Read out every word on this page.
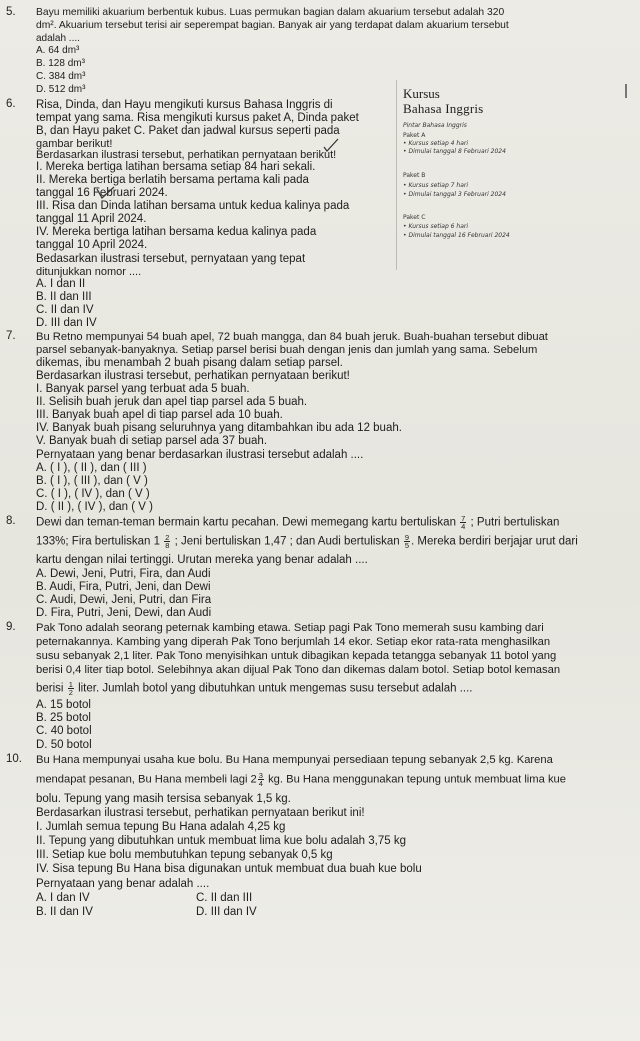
5. Bayu memiliki akuarium berbentuk kubus. Luas permukan bagian dalam akuarium tersebut adalah 320
dm². Akuarium tersebut terisi air seperempat bagian. Banyak air yang terdapat dalam akuarium tersebut
adalah ....
A. 64 dm³
B. 128 dm³
C. 384 dm³
D. 512 dm³
6. Risa, Dinda, dan Hayu mengikuti kursus Bahasa Inggris di
tempat yang sama. Risa mengikuti kursus paket A, Dinda paket
B, dan Hayu paket C. Paket dan jadwal kursus seperti pada
gambar berikut!
Berdasarkan ilustrasi tersebut, perhatikan pernyataan berikut!
I. Mereka bertiga latihan bersama setiap 84 hari sekali.
II. Mereka bertiga berlatih bersama pertama kali pada
tanggal 16 Februari 2024.
III. Risa dan Dinda latihan bersama untuk kedua kalinya pada
tanggal 11 April 2024.
IV. Mereka bertiga latihan bersama kedua kalinya pada
tanggal 10 April 2024.
Bedasarkan ilustrasi tersebut, pernyataan yang tepat
ditunjukkan nomor ....
A. I dan II
B. II dan III
C. II dan IV
D. III dan IV
Kursus
Bahasa Inggris
Pintar Bahasa Inggris
Paket A
• Kursus setiap 4 hari
• Dimulai tanggal 8 Februari 2024
Paket B
• Kursus setiap 7 hari
• Dimulai tanggal 3 Februari 2024
Paket C
• Kursus setiap 6 hari
• Dimulai tanggal 16 Februari 2024
7. Bu Retno mempunyai 54 buah apel, 72 buah mangga, dan 84 buah jeruk. Buah-buahan tersebut dibuat
parsel sebanyak-banyaknya. Setiap parsel berisi buah dengan jenis dan jumlah yang sama. Sebelum
dikemas, ibu menambah 2 buah pisang dalam setiap parsel.
Berdasarkan ilustrasi tersebut, perhatikan pernyataan berikut!
I. Banyak parsel yang terbuat ada 5 buah.
II. Selisih buah jeruk dan apel tiap parsel ada 5 buah.
III. Banyak buah apel di tiap parsel ada 10 buah.
IV. Banyak buah pisang seluruhnya yang ditambahkan ibu ada 12 buah.
V. Banyak buah di setiap parsel ada 37 buah.
Pernyataan yang benar berdasarkan ilustrasi tersebut adalah ....
A. ( I ), ( II ), dan ( III )
B. ( I ), ( III ), dan ( V )
C. ( I ), ( IV ), dan ( V )
D. ( II ), ( IV ), dan ( V )
8. Dewi dan teman-teman bermain kartu pecahan. Dewi memegang kartu bertuliskan $\frac{7}{4}$ ; Putri bertuliskan
133%; Fira bertuliskan $1 \frac{2}{8}$ ; Jeni bertuliskan 1,47 ; dan Audi bertuliskan $\frac{9}{5}$ . Mereka berdiri berjajar urut dari
kartu dengan nilai tertinggi. Urutan mereka yang benar adalah ....
A. Dewi, Jeni, Putri, Fira, dan Audi
B. Audi, Fira, Putri, Jeni, dan Dewi
C. Audi, Dewi, Jeni, Putri, dan Fira
D. Fira, Putri, Jeni, Dewi, dan Audi
9. Pak Tono adalah seorang peternak kambing etawa. Setiap pagi Pak Tono memerah susu kambing dari
peternakannya. Kambing yang diperah Pak Tono berjumlah 14 ekor. Setiap ekor rata-rata menghasilkan
susu sebanyak 2,1 liter. Pak Tono menyisihkan untuk dibagikan kepada tetangga sebanyak 11 botol yang
berisi 0,4 liter tiap botol. Selebihnya akan dijual Pak Tono dan dikemas dalam botol. Setiap botol kemasan
berisi $\frac{1}{2}$ liter. Jumlah botol yang dibutuhkan untuk mengemas susu tersebut adalah ....
A. 15 botol
B. 25 botol
C. 40 botol
D. 50 botol
10. Bu Hana mempunyai usaha kue bolu. Bu Hana mempunyai persediaan tepung sebanyak 2,5 kg. Karena
mendapat pesanan, Bu Hana membeli lagi $2 \frac{3}{4}$ kg. Bu Hana menggunakan tepung untuk membuat lima kue
bolu. Tepung yang masih tersisa sebanyak 1,5 kg.
Berdasarkan ilustrasi tersebut, perhatikan pernyataan berikut ini!
I. Jumlah semua tepung Bu Hana adalah 4,25 kg
II. Tepung yang dibutuhkan untuk membuat lima kue bolu adalah 3,75 kg
III. Setiap kue bolu membutuhkan tepung sebanyak 0,5 kg
IV. Sisa tepung Bu Hana bisa digunakan untuk membuat dua buah kue bolu
Pernyataan yang benar adalah ....
A. I dan IV
B. II dan IV
C. II dan III
D. III dan IV
